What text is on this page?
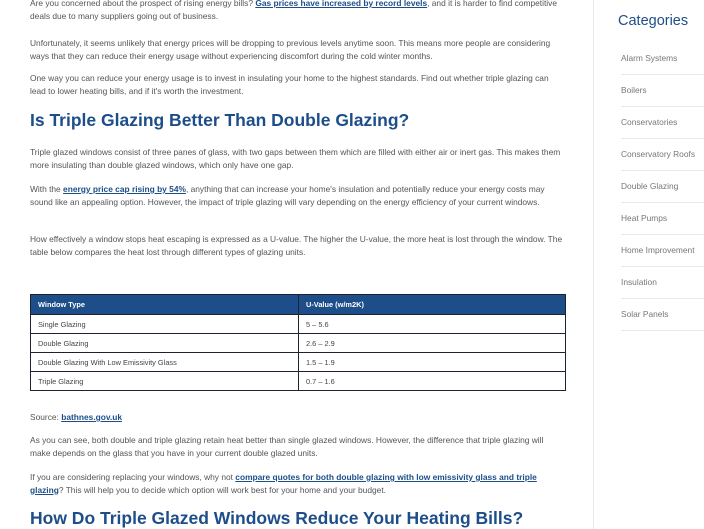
Are you concerned about the prospect of rising energy bills? Gas prices have increased by record levels, and it is harder to find competitive deals due to many suppliers going out of business.

Unfortunately, it seems unlikely that energy prices will be dropping to previous levels anytime soon. This means more people are considering ways that they can reduce their energy usage without experiencing discomfort during the cold winter months.

One way you can reduce your energy usage is to invest in insulating your home to the highest standards. Find out whether triple glazing can lead to lower heating bills, and if it's worth the investment.

Is Triple Glazing Better Than Double Glazing?

Triple glazed windows consist of three panes of glass, with two gaps between them which are filled with either air or inert gas. This makes them more insulating than double glazed windows, which only have one gap.

With the energy price cap rising by 54%, anything that can increase your home's insulation and potentially reduce your energy costs may sound like an appealing option. However, the impact of triple glazing will vary depending on the energy efficiency of your current windows.

How effectively a window stops heat escaping is expressed as a U-value. The higher the U-value, the more heat is lost through the window. The table below compares the heat lost through different types of glazing units.

Window Type	U-Value (w/m2K)
Single Glazing	5 – 5.6
Double Glazing	2.6 – 2.9
Double Glazing With Low Emissivity Glass	1.5 – 1.9
Triple Glazing	0.7 – 1.6

Source: bathnes.gov.uk

As you can see, both double and triple glazing retain heat better than single glazed windows. However, the difference that triple glazing will make depends on the glass that you have in your current double glazed units.

If you are considering replacing your windows, why not compare quotes for both double glazing with low emissivity glass and triple glazing? This will help you to decide which option will work best for your home and your budget.

How Do Triple Glazed Windows Reduce Your Heating Bills?
Categories
Alarm Systems
Boilers
Conservatories
Conservatory Roofs
Double Glazing
Heat Pumps
Home Improvement
Insulation
Solar Panels
